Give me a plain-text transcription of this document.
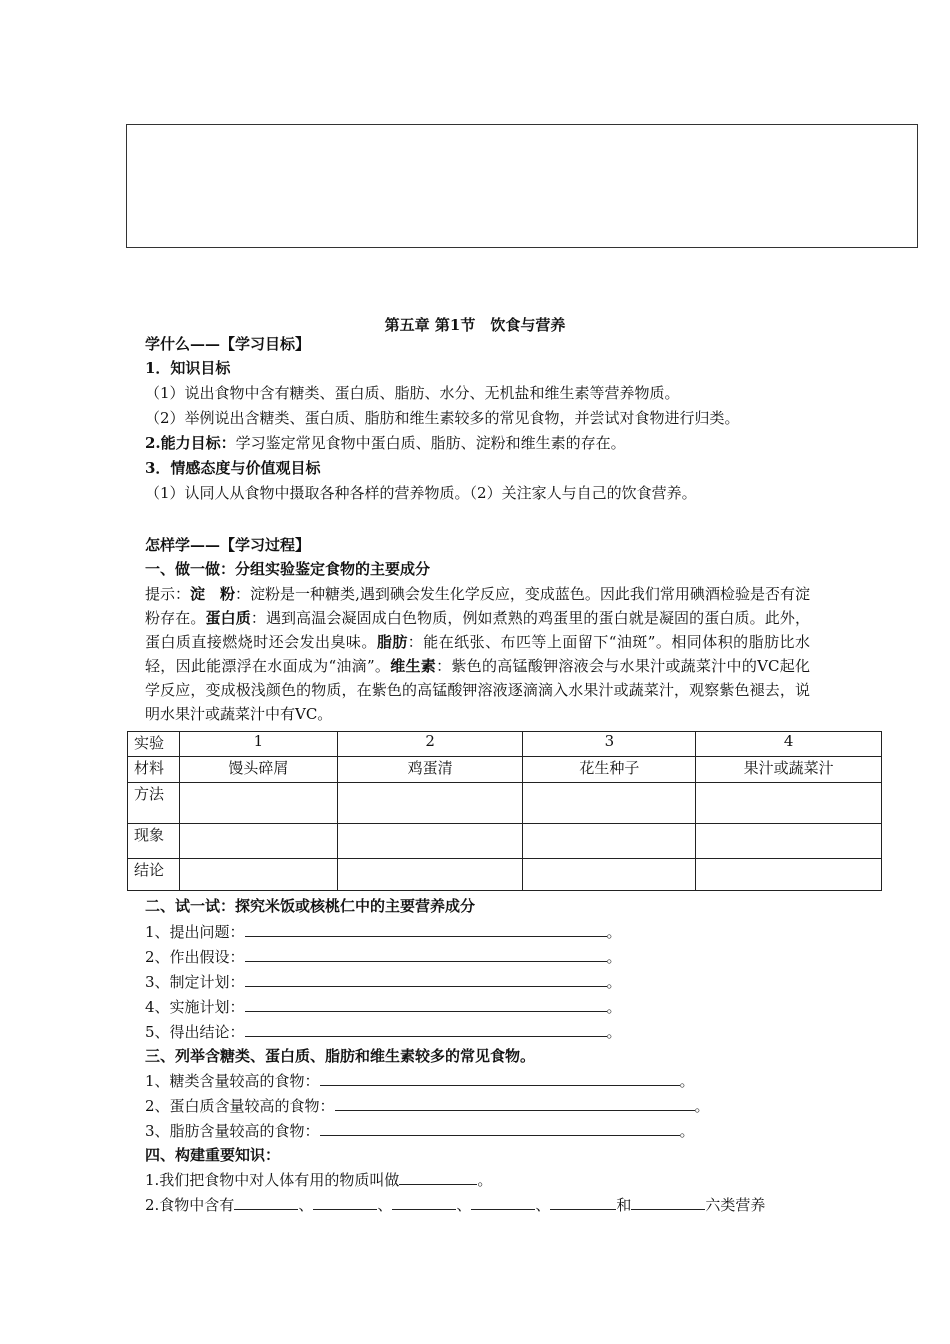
第五章 第1节　饮食与营养
学什么——【学习目标】
1．知识目标
（1）说出食物中含有糖类、蛋白质、脂肪、水分、无机盐和维生素等营养物质。
（2）举例说出含糖类、蛋白质、脂肪和维生素较多的常见食物，并尝试对食物进行归类。
2.能力目标：学习鉴定常见食物中蛋白质、脂肪、淀粉和维生素的存在。
3．情感态度与价值观目标
（1）认同人从食物中摄取各种各样的营养物质。（2）关注家人与自己的饮食营养。
怎样学——【学习过程】
一、做一做：分组实验鉴定食物的主要成分
提示：淀　粉：淀粉是一种糖类,遇到碘会发生化学反应，变成蓝色。因此我们常用碘酒检验是否有淀粉存在。蛋白质：遇到高温会凝固成白色物质，例如煮熟的鸡蛋里的蛋白就是凝固的蛋白质。此外，蛋白质直接燃烧时还会发出臭味。脂肪：能在纸张、布匹等上面留下“油斑”。相同体积的脂肪比水轻，因此能漂浮在水面成为“油滴”。维生素：紫色的高锰酸钾溶液会与水果汁或蔬菜汁中的VC起化学反应，变成极浅颜色的物质，在紫色的高锰酸钾溶液逐滴滴入水果汁或蔬菜汁，观察紫色褪去，说明水果汁或蔬菜汁中有VC。
实验	1	2	3	4
材料	馒头碎屑	鸡蛋清	花生种子	果汁或蔬菜汁
方法				
现象				
结论				
二、试一试：探究米饭或核桃仁中的主要营养成分
1、提出问题：	。
2、作出假设：	。
3、制定计划：	。
4、实施计划：	。
5、得出结论：	。
三、列举含糖类、蛋白质、脂肪和维生素较多的常见食物。
1、糖类含量较高的食物：	。
2、蛋白质含量较高的食物：	。
3、脂肪含量较高的食物：	。
四、构建重要知识：
1.我们把食物中对人体有用的物质叫做	。
2.食物中含有	、	、	、	、	和	六类营养
